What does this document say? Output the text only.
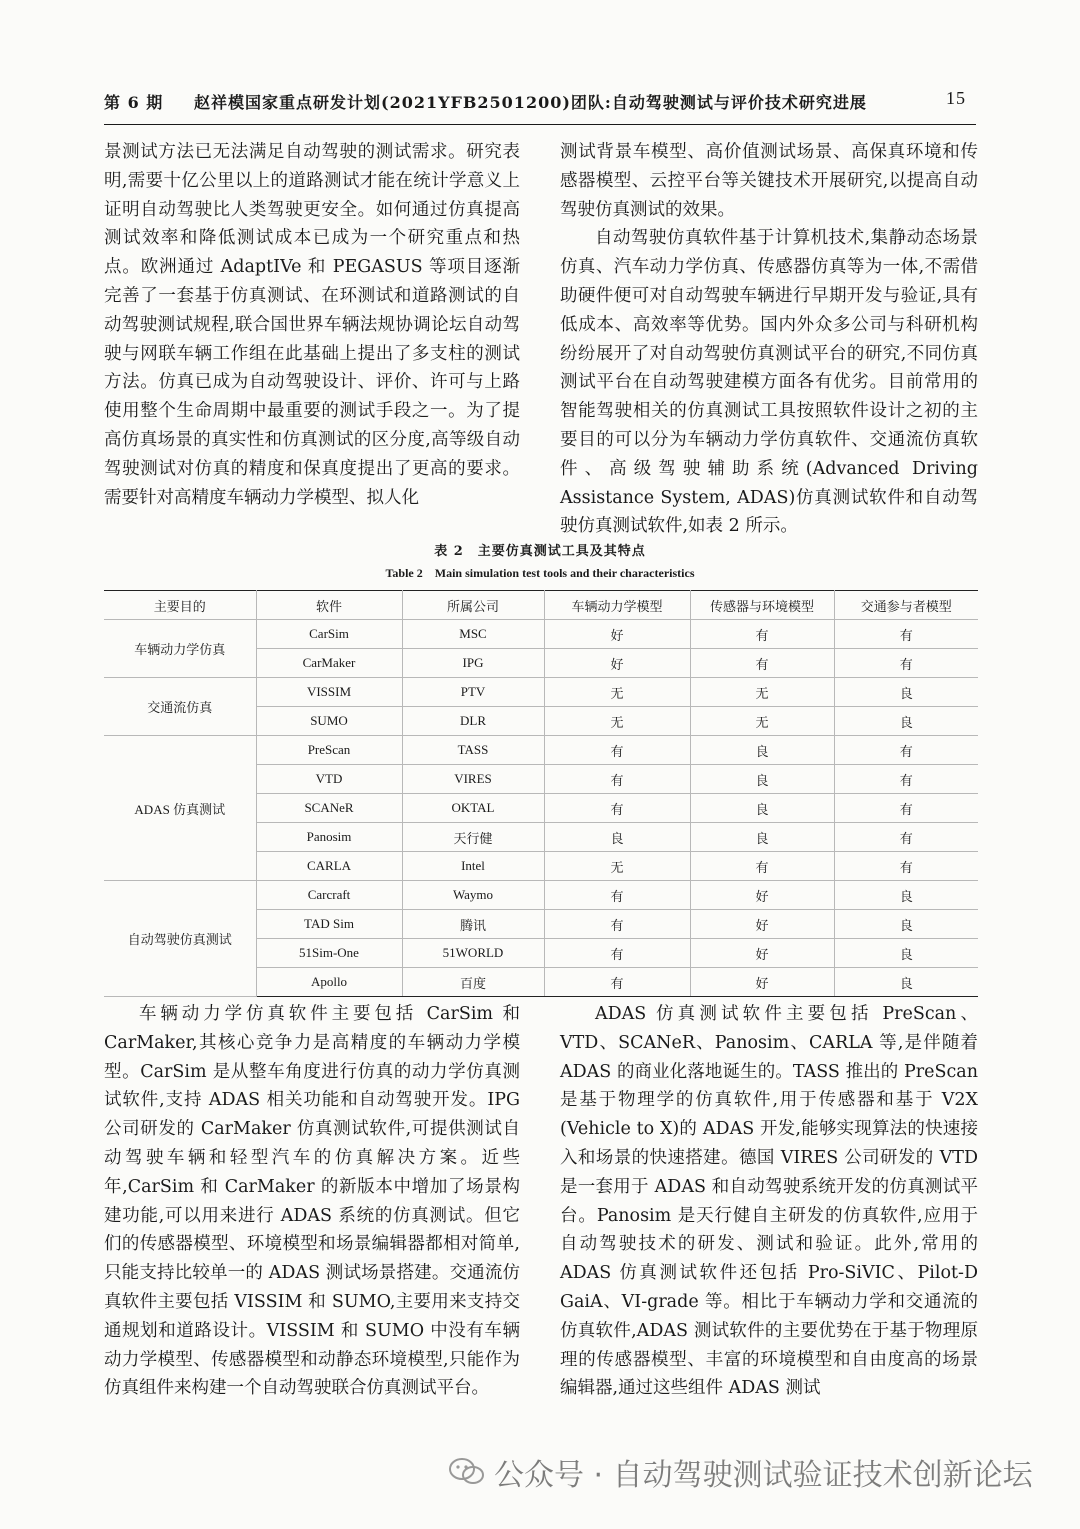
第 6 期 赵祥模国家重点研发计划(2021YFB2501200)团队:自动驾驶测试与评价技术研究进展	15

景测试方法已无法满足自动驾驶的测试需求。研究表明,需要十亿公里以上的道路测试才能在统计学意义上证明自动驾驶比人类驾驶更安全。如何通过仿真提高测试效率和降低测试成本已成为一个研究重点和热点。欧洲通过 AdaptIVe 和 PEGASUS 等项目逐渐完善了一套基于仿真测试、在环测试和道路测试的自动驾驶测试规程,联合国世界车辆法规协调论坛自动驾驶与网联车辆工作组在此基础上提出了多支柱的测试方法。仿真已成为自动驾驶设计、评价、许可与上路使用整个生命周期中最重要的测试手段之一。为了提高仿真场景的真实性和仿真测试的区分度,高等级自动驾驶测试对仿真的精度和保真度提出了更高的要求。需要针对高精度车辆动力学模型、拟人化

测试背景车模型、高价值测试场景、高保真环境和传感器模型、云控平台等关键技术开展研究,以提高自动驾驶仿真测试的效果。

自动驾驶仿真软件基于计算机技术,集静动态场景仿真、汽车动力学仿真、传感器仿真等为一体,不需借助硬件便可对自动驾驶车辆进行早期开发与验证,具有低成本、高效率等优势。国内外众多公司与科研机构纷纷展开了对自动驾驶仿真测试平台的研究,不同仿真测试平台在自动驾驶建模方面各有优劣。目前常用的智能驾驶相关的仿真测试工具按照软件设计之初的主要目的可以分为车辆动力学仿真软件、交通流仿真软件、高级驾驶辅助系统(Advanced Driving Assistance System, ADAS)仿真测试软件和自动驾驶仿真测试软件,如表 2 所示。

表 2　主要仿真测试工具及其特点
Table 2　Main simulation test tools and their characteristics
主要目的	软件	所属公司	车辆动力学模型	传感器与环境模型	交通参与者模型
车辆动力学仿真	CarSim	MSC	好	有	有
	CarMaker	IPG	好	有	有
交通流仿真	VISSIM	PTV	无	无	良
	SUMO	DLR	无	无	良
ADAS 仿真测试	PreScan	TASS	有	良	有
	VTD	VIRES	有	良	有
	SCANeR	OKTAL	有	良	有
	Panosim	天行健	良	良	有
	CARLA	Intel	无	有	有
自动驾驶仿真测试	Carcraft	Waymo	有	好	良
	TAD Sim	腾讯	有	好	良
	51Sim-One	51WORLD	有	好	良
	Apollo	百度	有	好	良

车辆动力学仿真软件主要包括 CarSim 和 CarMaker,其核心竞争力是高精度的车辆动力学模型。CarSim 是从整车角度进行仿真的动力学仿真测试软件,支持 ADAS 相关功能和自动驾驶开发。IPG 公司研发的 CarMaker 仿真测试软件,可提供测试自动驾驶车辆和轻型汽车的仿真解决方案。近些年,CarSim 和 CarMaker 的新版本中增加了场景构建功能,可以用来进行 ADAS 系统的仿真测试。但它们的传感器模型、环境模型和场景编辑器都相对简单,只能支持比较单一的 ADAS 测试场景搭建。交通流仿真软件主要包括 VISSIM 和 SUMO,主要用来支持交通规划和道路设计。VISSIM 和 SUMO 中没有车辆动力学模型、传感器模型和动静态环境模型,只能作为仿真组件来构建一个自动驾驶联合仿真测试平台。

ADAS 仿真测试软件主要包括 PreScan、VTD、SCANeR、Panosim、CARLA 等,是伴随着 ADAS 的商业化落地诞生的。TASS 推出的 PreScan 是基于物理学的仿真软件,用于传感器和基于 V2X (Vehicle to X)的 ADAS 开发,能够实现算法的快速接入和场景的快速搭建。德国 VIRES 公司研发的 VTD 是一套用于 ADAS 和自动驾驶系统开发的仿真测试平台。Panosim 是天行健自主研发的仿真软件,应用于自动驾驶技术的研发、测试和验证。此外,常用的 ADAS 仿真测试软件还包括 Pro-SiVIC、Pilot-D GaiA、VI-grade 等。相比于车辆动力学和交通流的仿真软件,ADAS 测试软件的主要优势在于基于物理原理的传感器模型、丰富的环境模型和自由度高的场景编辑器,通过这些组件 ADAS 测试

公众号 · 自动驾驶测试验证技术创新论坛
